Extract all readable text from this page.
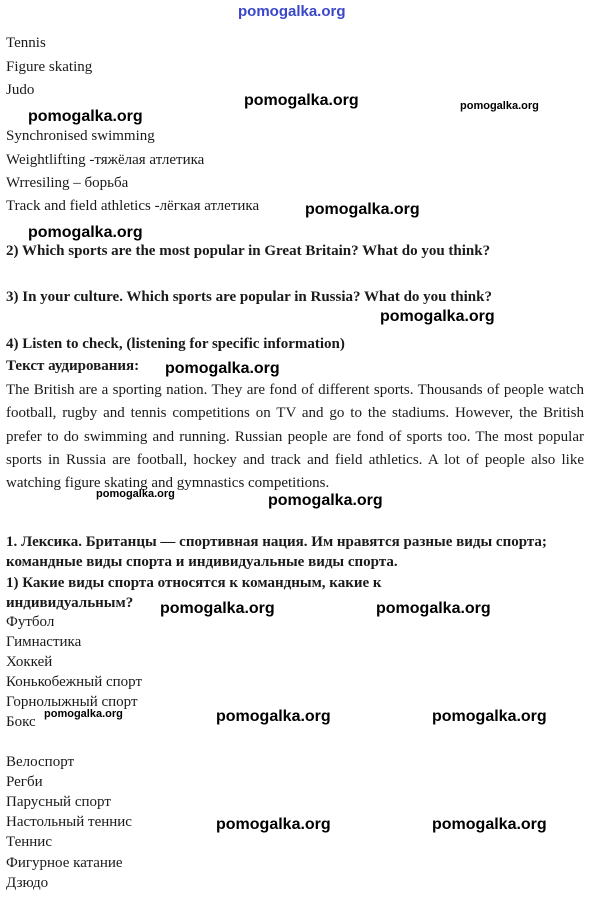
pomogalka.org
Tennis
Figure skating
Judo
pomogalka.org
pomogalka.org	pomogalka.org
Synchronised swimming
Weightlifting -тяжёлая атлетика
Wrresiling – борьба
Track and field athletics -лёгкая атлетика	pomogalka.org
pomogalka.org
2) Which sports are the most popular in Great Britain? What do you think?
3) In your culture. Which sports are popular in Russia? What do you think?
pomogalka.org
4) Listen to check, (listening for specific information)
Текст аудирования: pomogalka.org
The British are a sporting nation. They are fond of different sports. Thousands of people watch football, rugby and tennis competitions on TV and go to the stadiums. However, the British prefer to do swimming and running. Russian people are fond of sports too. The most popular sports in Russia are football, hockey and track and field athletics. A lot of people also like watching figure skating and gymnastics competitions.
pomogalka.org	pomogalka.org
1. Лексика. Британцы — спортивная нация. Им нравятся разные виды спорта; командные виды спорта и индивидуальные виды спорта.
1) Какие виды спорта относятся к командным, какие к индивидуальным?	pomogalka.org	pomogalka.org
Футбол
Гимнастика
Хоккей
Конькобежный спорт
Горнолыжный спорт
Бокс pomogalka.org	pomogalka.org	pomogalka.org
Велоспорт
Регби
Парусный спорт
Настольный теннис
Теннис
Фигурное катание
Дзюдо
pomogalka.org	pomogalka.org
